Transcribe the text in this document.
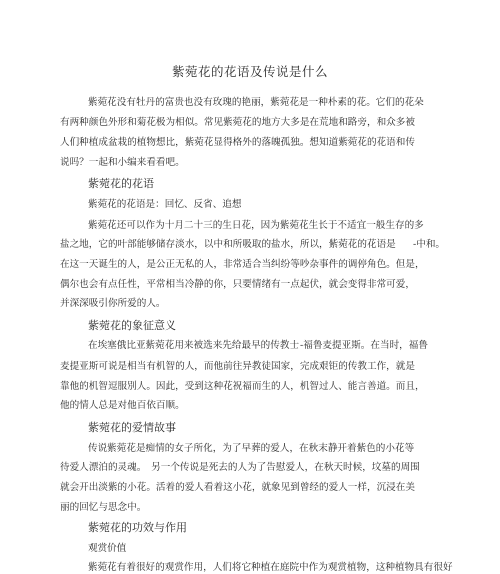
紫菀花的花语及传说是什么
紫菀花没有牡丹的富贵也没有玫瑰的艳丽，紫菀花是一种朴素的花。它们的花朵
有两种颜色外形和菊花极为相似。常见紫菀花的地方大多是在荒地和路旁，和众多被
人们种植成盆栽的植物想比，紫菀花显得格外的落魄孤独。想知道紫菀花的花语和传
说吗？一起和小编来看看吧。
紫菀花的花语
紫菀花的花语是：回忆、反省、追想
紫菀花还可以作为十月二十三的生日花，因为紫菀花生长于不适宜一般生存的多
盐之地，它的叶部能够储存淡水，以中和所吸取的盐水，所以，紫菀花的花语是 -中和。
在这一天诞生的人，是公正无私的人，非常适合当纠纷等吵杂事件的调停角色。但是，
偶尔也会有点任性，平常相当冷静的你，只要情绪有一点起伏，就会变得非常可爱，
并深深吸引你所爱的人。
紫菀花的象征意义
在埃塞俄比亚紫菀花用来被选来先给最早的传教士 -福鲁麦提亚斯。在当时，福鲁
麦提亚斯可说是相当有机智的人，而他前往异教徒国家，完成艰钜的传教工作，就是
靠他的机智逗服別人。因此，受到这种花祝福而生的人，机智过人、能言善道。而且，
他的情人总是对他百依百顺。
紫菀花的爱情故事
传说紫菀花是痴情的女子所化，为了早葬的爱人，在秋末静开着紫色的小花等
待爱人漂泊的灵魂。　另一个传说是死去的人为了告慰爱人，在秋天时候，坟墓的周围
就会开出淡紫的小花。活着的爱人看着这小花，就象见到曾经的爱人一样，沉浸在美
丽的回忆与思念中。
紫菀花的功效与作用
观赏价值
紫菀花有着很好的观赏作用，人们将它种植在庭院中作为观赏植物，这种植物具有很好
